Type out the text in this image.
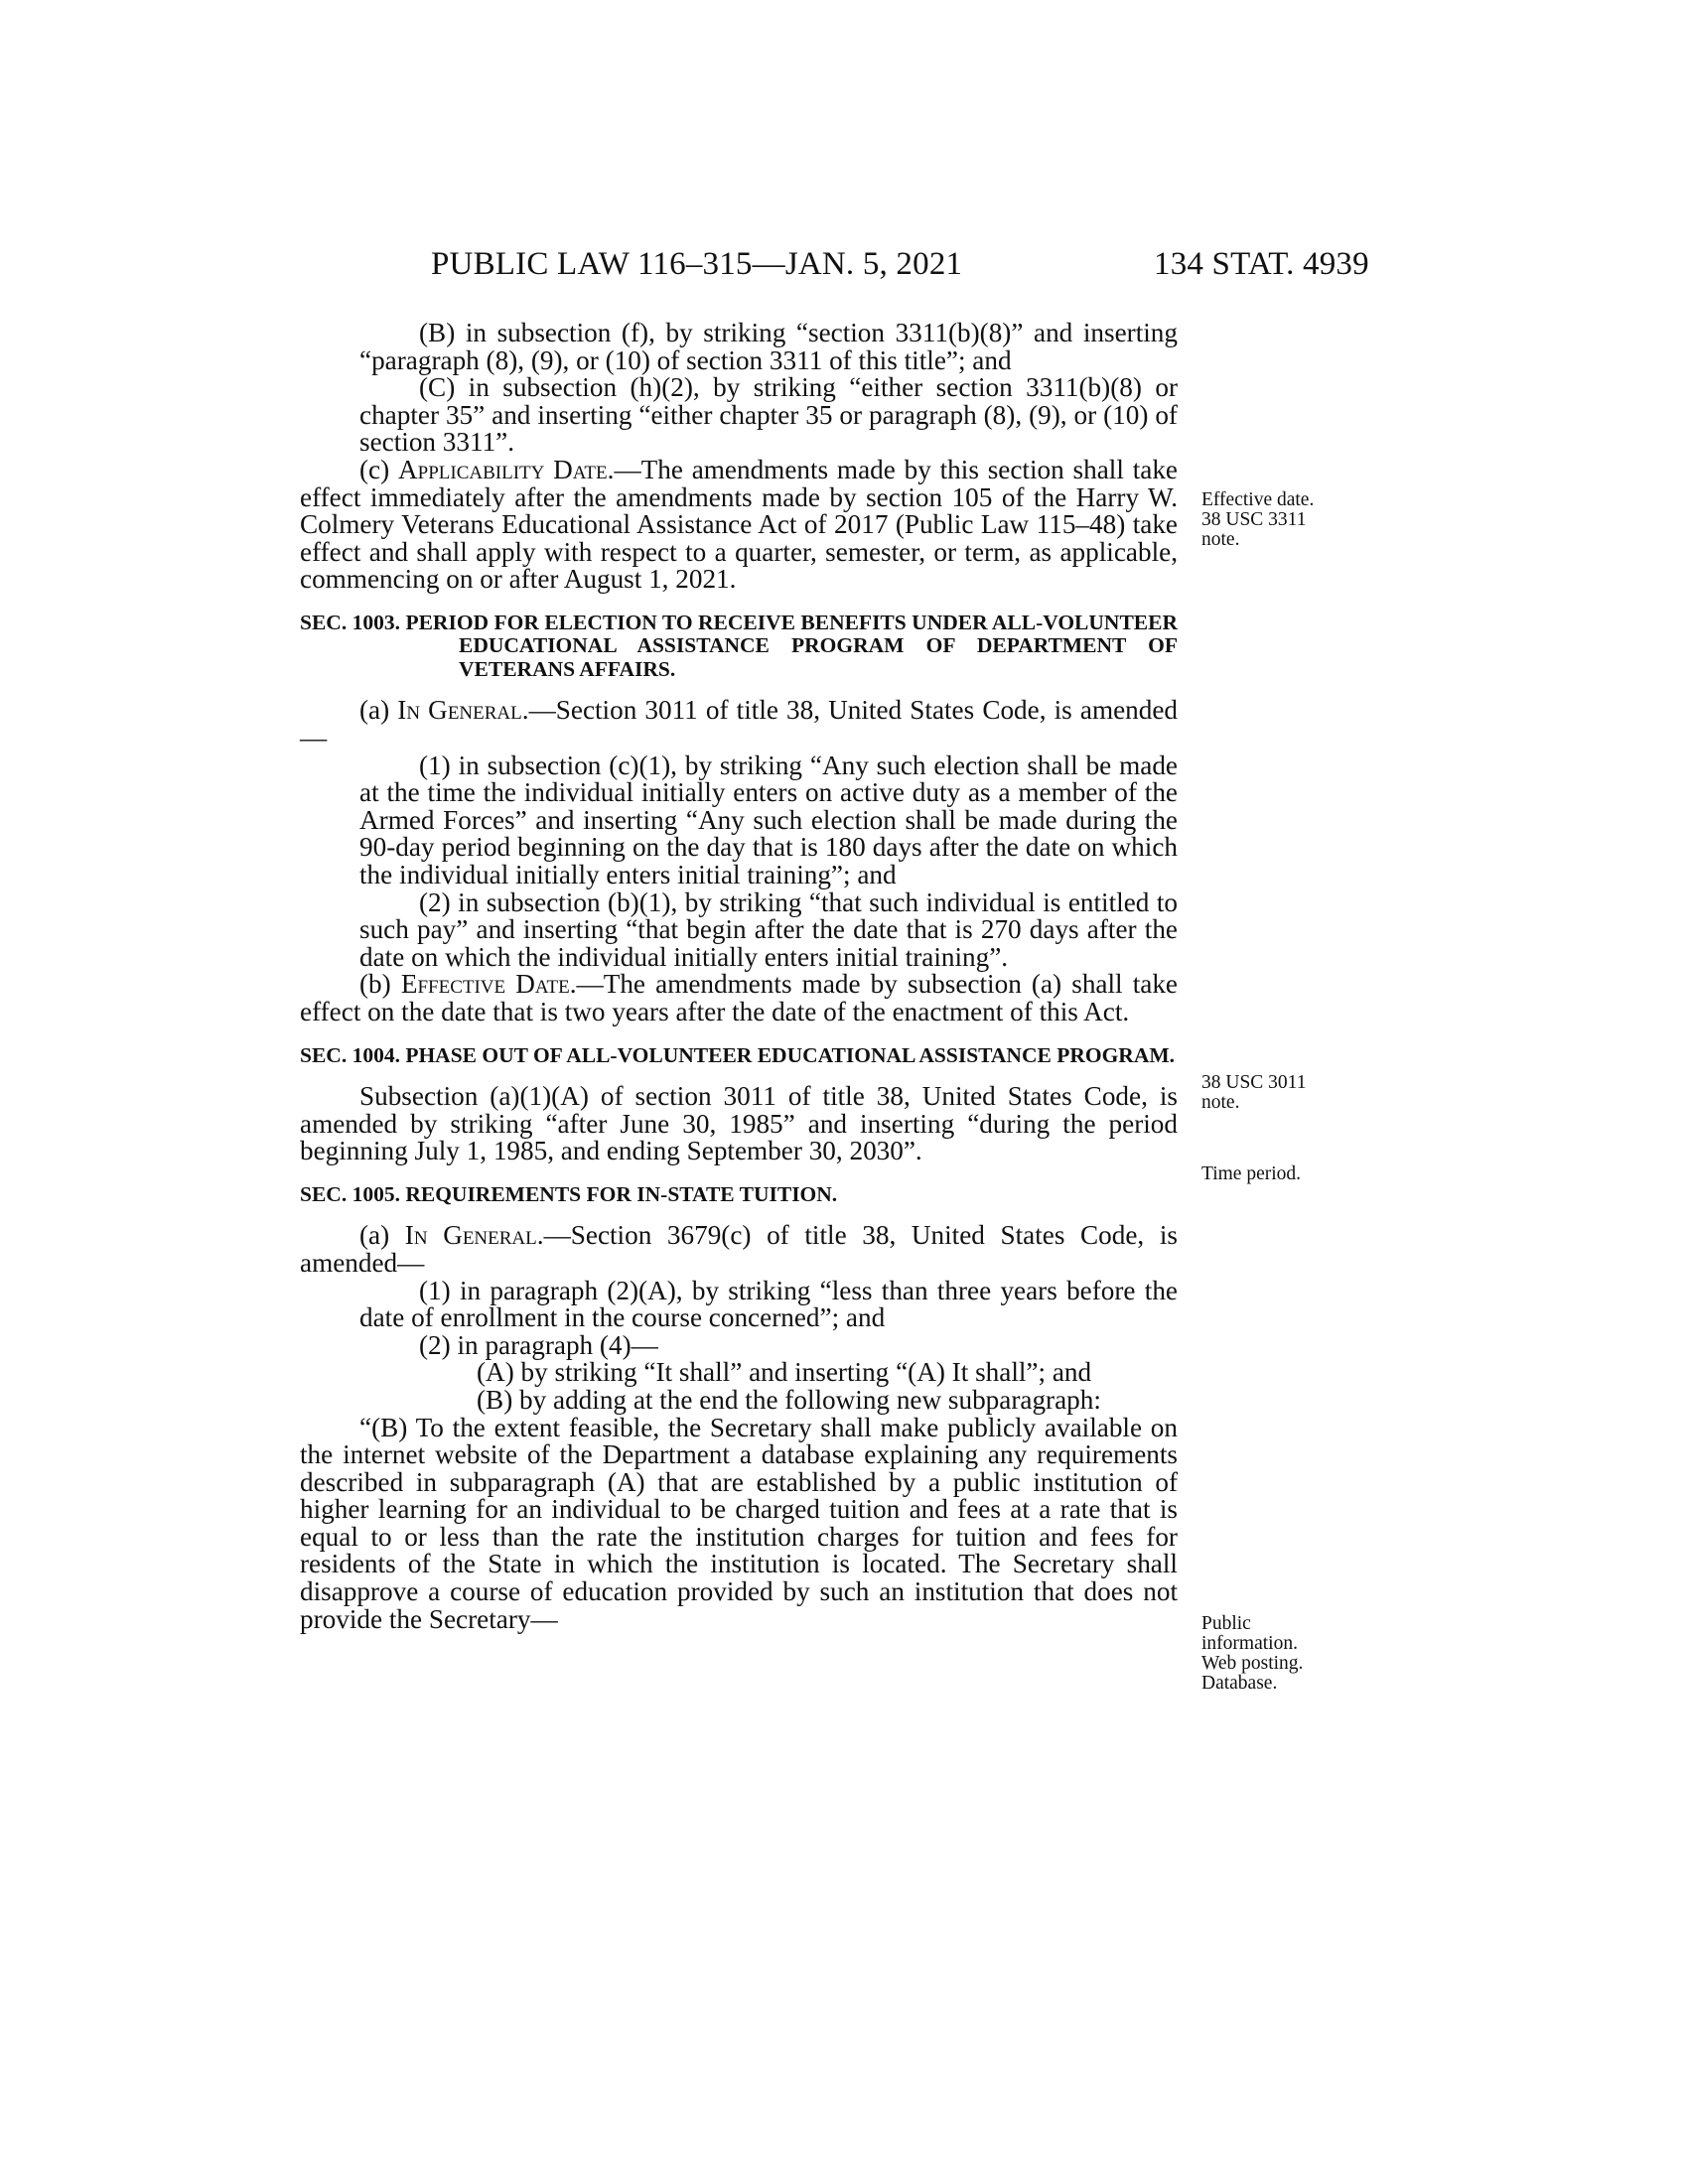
PUBLIC LAW 116–315—JAN. 5, 2021	134 STAT. 4939

(B) in subsection (f), by striking “section 3311(b)(8)” and inserting “paragraph (8), (9), or (10) of section 3311 of this title”; and

(C) in subsection (h)(2), by striking “either section 3311(b)(8) or chapter 35” and inserting “either chapter 35 or paragraph (8), (9), or (10) of section 3311”.

(c) Applicability Date.—The amendments made by this section shall take effect immediately after the amendments made by section 105 of the Harry W. Colmery Veterans Educational Assistance Act of 2017 (Public Law 115–48) take effect and shall apply with respect to a quarter, semester, or term, as applicable, commencing on or after August 1, 2021.

SEC. 1003. PERIOD FOR ELECTION TO RECEIVE BENEFITS UNDER ALL-VOLUNTEER EDUCATIONAL ASSISTANCE PROGRAM OF DEPARTMENT OF VETERANS AFFAIRS.

(a) In General.—Section 3011 of title 38, United States Code, is amended—

(1) in subsection (c)(1), by striking “Any such election shall be made at the time the individual initially enters on active duty as a member of the Armed Forces” and inserting “Any such election shall be made during the 90-day period beginning on the day that is 180 days after the date on which the individual initially enters initial training”; and

(2) in subsection (b)(1), by striking “that such individual is entitled to such pay” and inserting “that begin after the date that is 270 days after the date on which the individual initially enters initial training”.

(b) Effective Date.—The amendments made by subsection (a) shall take effect on the date that is two years after the date of the enactment of this Act.

SEC. 1004. PHASE OUT OF ALL-VOLUNTEER EDUCATIONAL ASSISTANCE PROGRAM.

Subsection (a)(1)(A) of section 3011 of title 38, United States Code, is amended by striking “after June 30, 1985” and inserting “during the period beginning July 1, 1985, and ending September 30, 2030”.

SEC. 1005. REQUIREMENTS FOR IN-STATE TUITION.

(a) In General.—Section 3679(c) of title 38, United States Code, is amended—

(1) in paragraph (2)(A), by striking “less than three years before the date of enrollment in the course concerned”; and

(2) in paragraph (4)—

(A) by striking “It shall” and inserting “(A) It shall”; and

(B) by adding at the end the following new subparagraph:

“(B) To the extent feasible, the Secretary shall make publicly available on the internet website of the Department a database explaining any requirements described in subparagraph (A) that are established by a public institution of higher learning for an individual to be charged tuition and fees at a rate that is equal to or less than the rate the institution charges for tuition and fees for residents of the State in which the institution is located. The Secretary shall disapprove a course of education provided by such an institution that does not provide the Secretary—

Effective date.
38 USC 3311
note.
38 USC 3011
note.
Time period.
Public
information.
Web posting.
Database.
